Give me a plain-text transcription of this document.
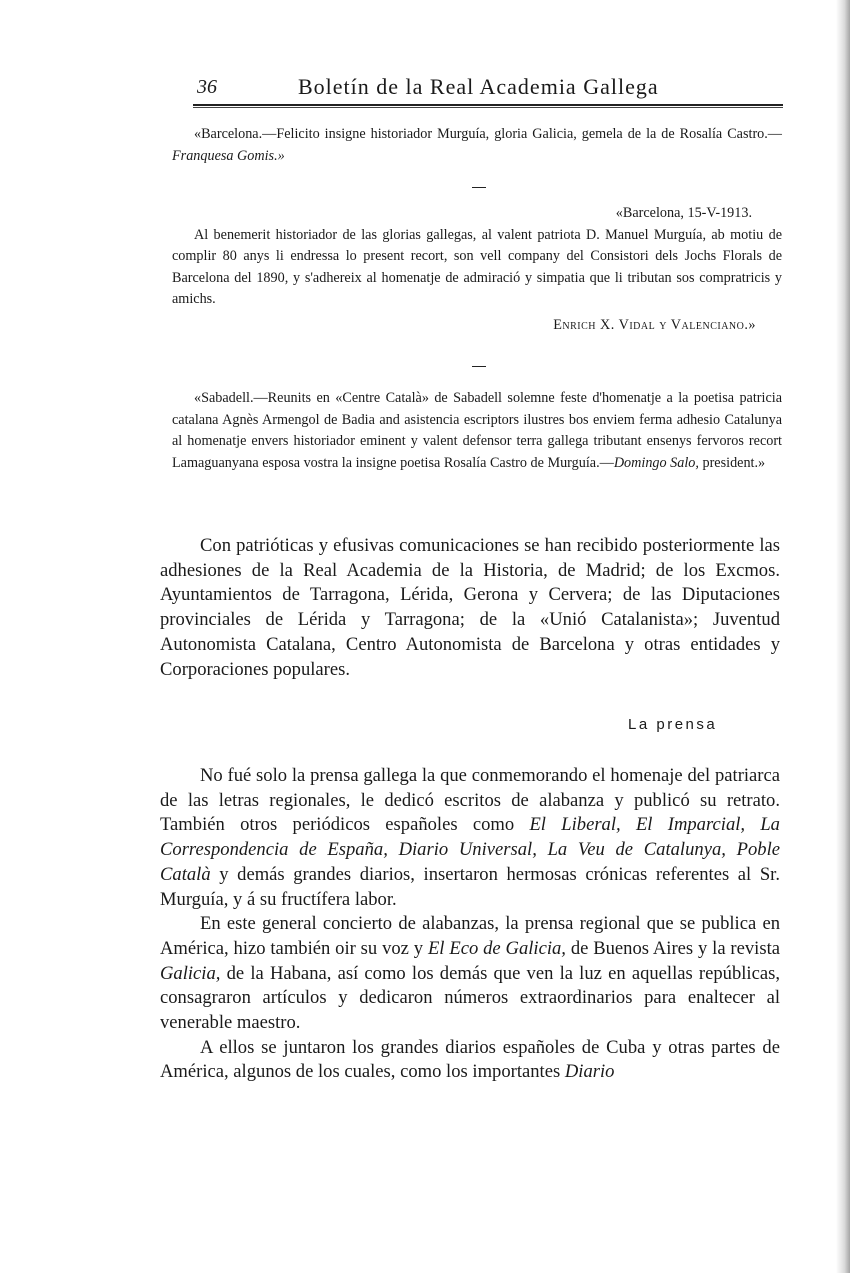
36	Boletín de la Real Academia Gallega

«Barcelona.—Felicito insigne historiador Murguía, gloria Galicia, gemela de la de Rosalía Castro.—Franquesa Gomis.»

«Barcelona, 15-V-1913.

Al benemerit historiador de las glorias gallegas, al valent patriota D. Manuel Murguía, ab motiu de complir 80 anys li endressa lo present recort, son vell company del Consistori dels Jochs Florals de Barcelona del 1890, y s'adhereix al homenatje de admiració y simpatia que li tributan sos compratricis y amichs.

Enrich X. Vidal y Valenciano.»

«Sabadell.—Reunits en «Centre Català» de Sabadell solemne feste d'homenatje a la poetisa patricia catalana Agnès Armengol de Badia and asistencia escriptors ilustres bos enviem ferma adhesio Catalunya al homenatje envers historiador eminent y valent defensor terra gallega tributant ensenys fervoros recort Lamaguanyana esposa vostra la insigne poetisa Rosalía Castro de Murguía.—Domingo Salo, president.»

Con patrióticas y efusivas comunicaciones se han recibido posteriormente las adhesiones de la Real Academia de la Historia, de Madrid; de los Excmos. Ayuntamientos de Tarragona, Lérida, Gerona y Cervera; de las Diputaciones provinciales de Lérida y Tarragona; de la «Unió Catalanista»; Juventud Autonomista Catalana, Centro Autonomista de Barcelona y otras entidades y Corporaciones populares.

La prensa

No fué solo la prensa gallega la que conmemorando el homenaje del patriarca de las letras regionales, le dedicó escritos de alabanza y publicó su retrato. También otros periódicos españoles como El Liberal, El Imparcial, La Correspondencia de España, Diario Universal, La Veu de Catalunya, Poble Català y demás grandes diarios, insertaron hermosas crónicas referentes al Sr. Murguía, y á su fructífera labor.

En este general concierto de alabanzas, la prensa regional que se publica en América, hizo también oir su voz y El Eco de Galicia, de Buenos Aires y la revista Galicia, de la Habana, así como los demás que ven la luz en aquellas repúblicas, consagraron artículos y dedicaron números extraordinarios para enaltecer al venerable maestro.

A ellos se juntaron los grandes diarios españoles de Cuba y otras partes de América, algunos de los cuales, como los importantes Diario
